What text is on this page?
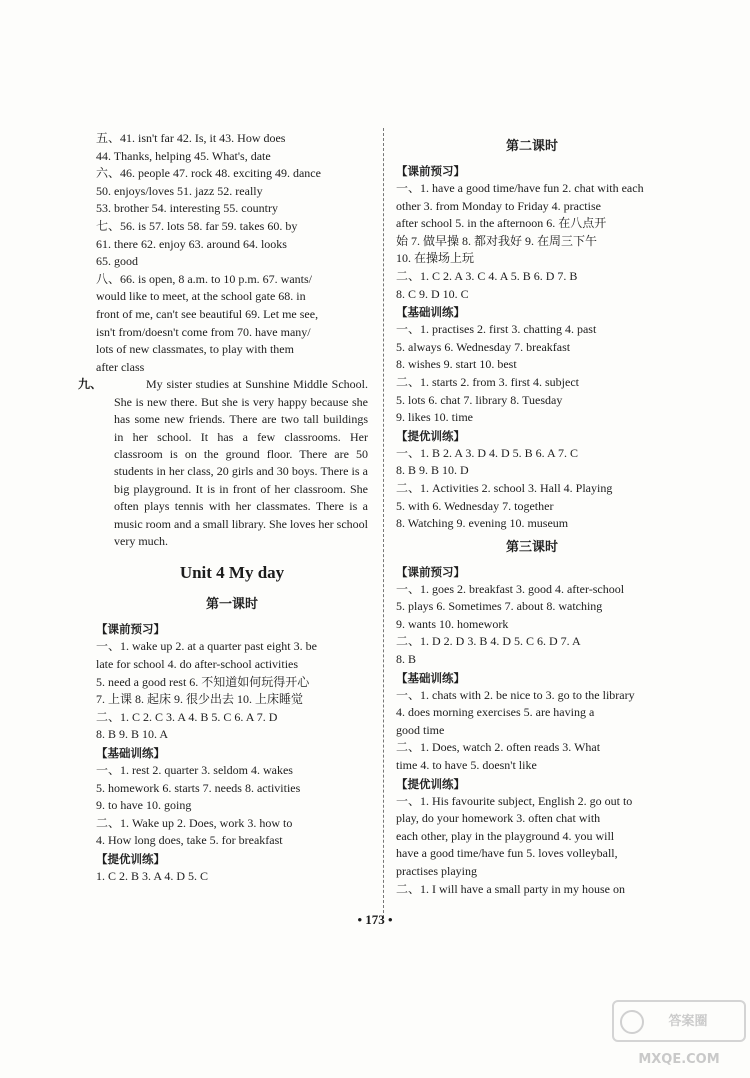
五、41. isn't far 42. Is, it 43. How does
44. Thanks, helping 45. What's, date
六、46. people 47. rock 48. exciting 49. dance
50. enjoys/loves 51. jazz 52. really
53. brother 54. interesting 55. country
七、56. is 57. lots 58. far 59. takes 60. by
61. there 62. enjoy 63. around 64. looks
65. good
八、66. is open, 8 a.m. to 10 p.m. 67. wants/
would like to meet, at the school gate 68. in
front of me, can't see beautiful 69. Let me see,
isn't from/doesn't come from 70. have many/
lots of new classmates, to play with them
after class
九、	My sister studies at Sunshine Middle School. She is new there. But she is very happy because she has some new friends. There are two tall buildings in her school. It has a few classrooms. Her classroom is on the ground floor. There are 50 students in her class, 20 girls and 30 boys. There is a big playground. It is in front of her classroom. She often plays tennis with her classmates. There is a music room and a small library. She loves her school very much.
Unit 4 My day
第一课时
【课前预习】
一、1. wake up 2. at a quarter past eight 3. be
late for school 4. do after-school activities
5. need a good rest 6. 不知道如何玩得开心
7. 上课 8. 起床 9. 很少出去 10. 上床睡觉
二、1. C 2. C 3. A 4. B 5. C 6. A 7. D
8. B 9. B 10. A
【基础训练】
一、1. rest 2. quarter 3. seldom 4. wakes
5. homework 6. starts 7. needs 8. activities
9. to have 10. going
二、1. Wake up 2. Does, work 3. how to
4. How long does, take 5. for breakfast
【提优训练】
1. C 2. B 3. A 4. D 5. C
第二课时
【课前预习】
一、1. have a good time/have fun 2. chat with each
other 3. from Monday to Friday 4. practise
after school 5. in the afternoon 6. 在八点开
始 7. 做早操 8. 都对我好 9. 在周三下午
10. 在操场上玩
二、1. C 2. A 3. C 4. A 5. B 6. D 7. B
8. C 9. D 10. C
【基础训练】
一、1. practises 2. first 3. chatting 4. past
5. always 6. Wednesday 7. breakfast
8. wishes 9. start 10. best
二、1. starts 2. from 3. first 4. subject
5. lots 6. chat 7. library 8. Tuesday
9. likes 10. time
【提优训练】
一、1. B 2. A 3. D 4. D 5. B 6. A 7. C
8. B 9. B 10. D
二、1. Activities 2. school 3. Hall 4. Playing
5. with 6. Wednesday 7. together
8. Watching 9. evening 10. museum
第三课时
【课前预习】
一、1. goes 2. breakfast 3. good 4. after-school
5. plays 6. Sometimes 7. about 8. watching
9. wants 10. homework
二、1. D 2. D 3. B 4. D 5. C 6. D 7. A
8. B
【基础训练】
一、1. chats with 2. be nice to 3. go to the library
4. does morning exercises 5. are having a
good time
二、1. Does, watch 2. often reads 3. What
time 4. to have 5. doesn't like
【提优训练】
一、1. His favourite subject, English 2. go out to
play, do your homework 3. often chat with
each other, play in the playground 4. you will
have a good time/have fun 5. loves volleyball,
practises playing
二、1. I will have a small party in my house on
• 173 •
答案圈 MXQE.COM
